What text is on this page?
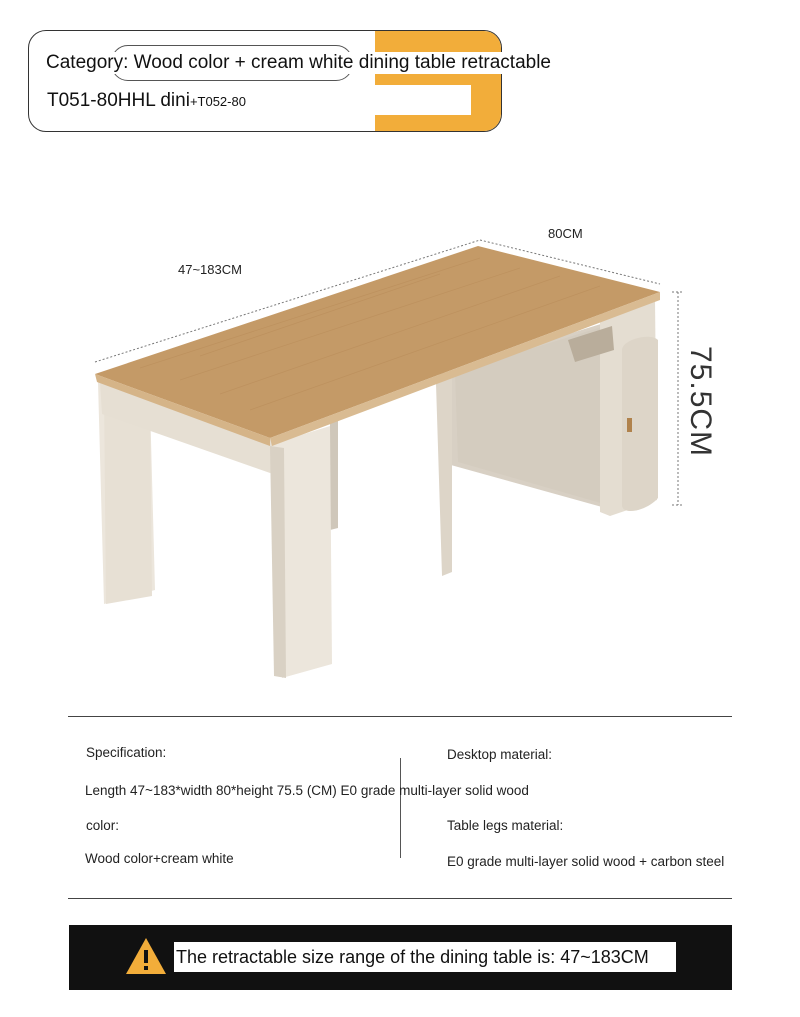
Category: Wood color + cream white dining table retractable
T051-80HHL dini+T052-80
80CM
47~183CM
75.5CM
Specification:
Length 47~183*width 80*height 75.5 (CM) E0 grade multi-layer solid wood
color:
Wood color+cream white
Desktop material:
Table legs material:
E0 grade multi-layer solid wood + carbon steel
The retractable size range of the dining table is: 47~183CM
